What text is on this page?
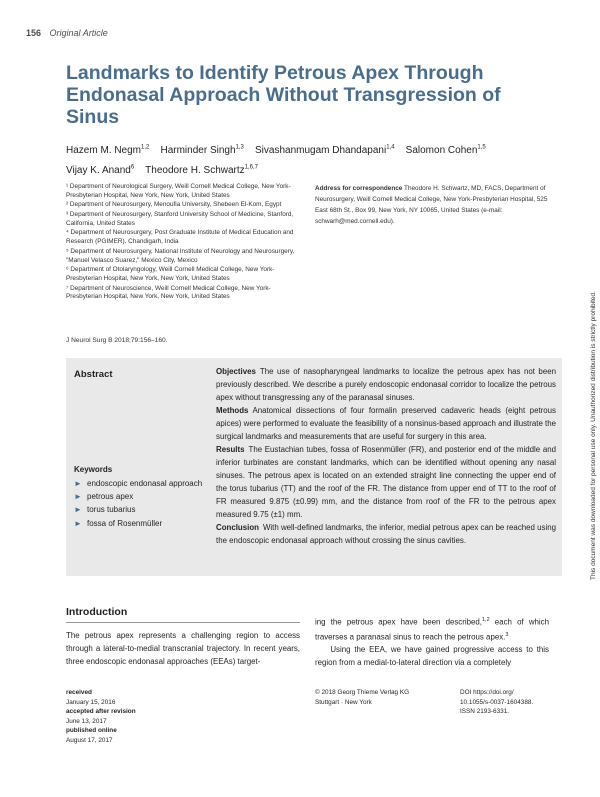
156 Original Article
Landmarks to Identify Petrous Apex Through Endonasal Approach Without Transgression of Sinus
Hazem M. Negm$^{1,2}$ Harminder Singh$^{1,3}$ Sivashanmugam Dhandapani$^{1,4}$ Salomon Cohen$^{1,5}$
Vijay K. Anand$^6$ Theodore H. Schwartz$^{1,6,7}$
¹ Department of Neurological Surgery, Weill Cornell Medical College, New York-Presbyterian Hospital, New York, New York, United States
² Department of Neurosurgery, Menoufia University, Shebeen El-Kom, Egypt
³ Department of Neurosurgery, Stanford University School of Medicine, Stanford, California, United States
⁴ Department of Neurosurgery, Post Graduate Institute of Medical Education and Research (PGIMER), Chandigarh, India
⁵ Department of Neurosurgery, National Institute of Neurology and Neurosurgery, "Manuel Velasco Suarez," Mexico City, Mexico
⁶ Department of Otolaryngology, Weill Cornell Medical College, New York-Presbyterian Hospital, New York, New York, United States
⁷ Department of Neuroscience, Weill Cornell Medical College, New York-Presbyterian Hospital, New York, New York, United States
Address for correspondence Theodore H. Schwartz, MD, FACS, Department of Neurosurgery, Weill Cornell Medical College, New York-Presbyterian Hospital, 525 East 68th St., Box 99, New York, NY 10065, United States (e-mail: schwarh@med.cornell.edu).
J Neurol Surg B 2018;79:156–160.
Abstract	Objectives The use of nasopharyngeal landmarks to localize the petrous apex has not been previously described. We describe a purely endoscopic endonasal corridor to localize the petrous apex without transgressing any of the paranasal sinuses.

Methods Anatomical dissections of four formalin preserved cadaveric heads (eight petrous apices) were performed to evaluate the feasibility of a nonsinus-based approach and illustrate the surgical landmarks and measurements that are useful for surgery in this area.

Results The Eustachian tubes, fossa of Rosenmüller (FR), and posterior end of the middle and inferior turbinates are constant landmarks, which can be identified without opening any nasal sinuses. The petrous apex is located on an extended straight line connecting the upper end of the torus tubarius (TT) and the roof of the FR. The distance from upper end of TT to the roof of FR measured 9.875 (±0.99) mm, and the distance from roof of the FR to the petrous apex measured 9.75 (±1) mm.

Conclusion With well-defined landmarks, the inferior, medial petrous apex can be reached using the endoscopic endonasal approach without crossing the sinus cavities.

Keywords
► endoscopic endonasal approach
► petrous apex
► torus tubarius
► fossa of Rosenmüller	This document was downloaded for personal use only. Unauthorized distribution is strictly prohibited.
Introduction
The petrous apex represents a challenging region to access through a lateral-to-medial transcranial trajectory. In recent years, three endoscopic endonasal approaches (EEAs) target-
ing the petrous apex have been described,$^{1,2}$ each of which traverses a paranasal sinus to reach the petrous apex.$^3$
Using the EEA, we have gained progressive access to this region from a medial-to-lateral direction via a completely
received
January 15, 2016
accepted after revision
June 13, 2017
published online
August 17, 2017
© 2018 Georg Thieme Verlag KG
Stuttgart · New York
DOI https://doi.org/
10.1055/s-0037-1604388.
ISSN 2193-6331.
